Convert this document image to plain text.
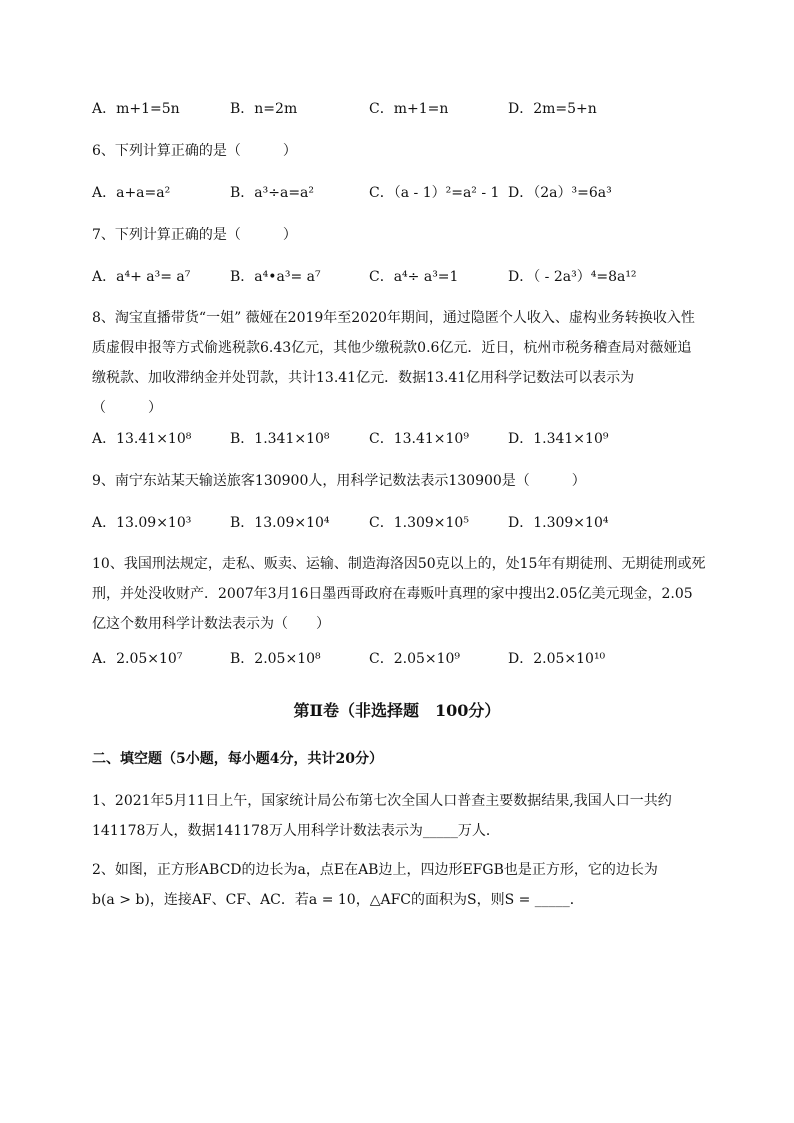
A．m+1=5n	B．n=2m	C．m+1=n	D．2m=5+n
6、下列计算正确的是（　　　）
A．a+a=a²	B．a³÷a=a²	C．（a - 1）²=a² - 1 D．（2a）³=6a³
7、下列计算正确的是（　　　）
A．a⁴+ a³= a⁷	B．a⁴•a³= a⁷	C．a⁴÷ a³=1	D．（ - 2a³）⁴=8a¹²
8、淘宝直播带货“一姐” 薇娅在2019年至2020年期间，通过隐匿个人收入、虚构业务转换收入性
质虚假申报等方式偷逃税款6.43亿元，其他少缴税款0.6亿元．近日，杭州市税务稽查局对薇娅追
缴税款、加收滞纳金并处罚款，共计13.41亿元．数据13.41亿用科学记数法可以表示为
（　　　）
A．13.41×10⁸	B．1.341×10⁸	C．13.41×10⁹	D．1.341×10⁹
9、南宁东站某天输送旅客130900人，用科学记数法表示130900是（　　　）
A．13.09×10³	B．13.09×10⁴	C．1.309×10⁵	D．1.309×10⁴
10、我国刑法规定，走私、贩卖、运输、制造海洛因50克以上的，处15年有期徒刑、无期徒刑或死
刑，并处没收财产．2007年3月16日墨西哥政府在毒贩叶真理的家中搜出2.05亿美元现金，2.05
亿这个数用科学计数法表示为（　　）
A．2.05×10⁷	B．2.05×10⁸	C．2.05×10⁹	D．2.05×10¹⁰
第Ⅱ卷（非选择题　100分）
二、填空题（5小题，每小题4分，共计20分）
1、2021年5月11日上午，国家统计局公布第七次全国人口普查主要数据结果,我国人口一共约
141178万人，数据141178万人用科学计数法表示为_____万人．
2、如图，正方形ABCD的边长为a，点E在AB边上，四边形EFGB也是正方形，它的边长为
b(a > b)，连接AF、CF、AC．若a = 10，△AFC的面积为S，则S = _____．
